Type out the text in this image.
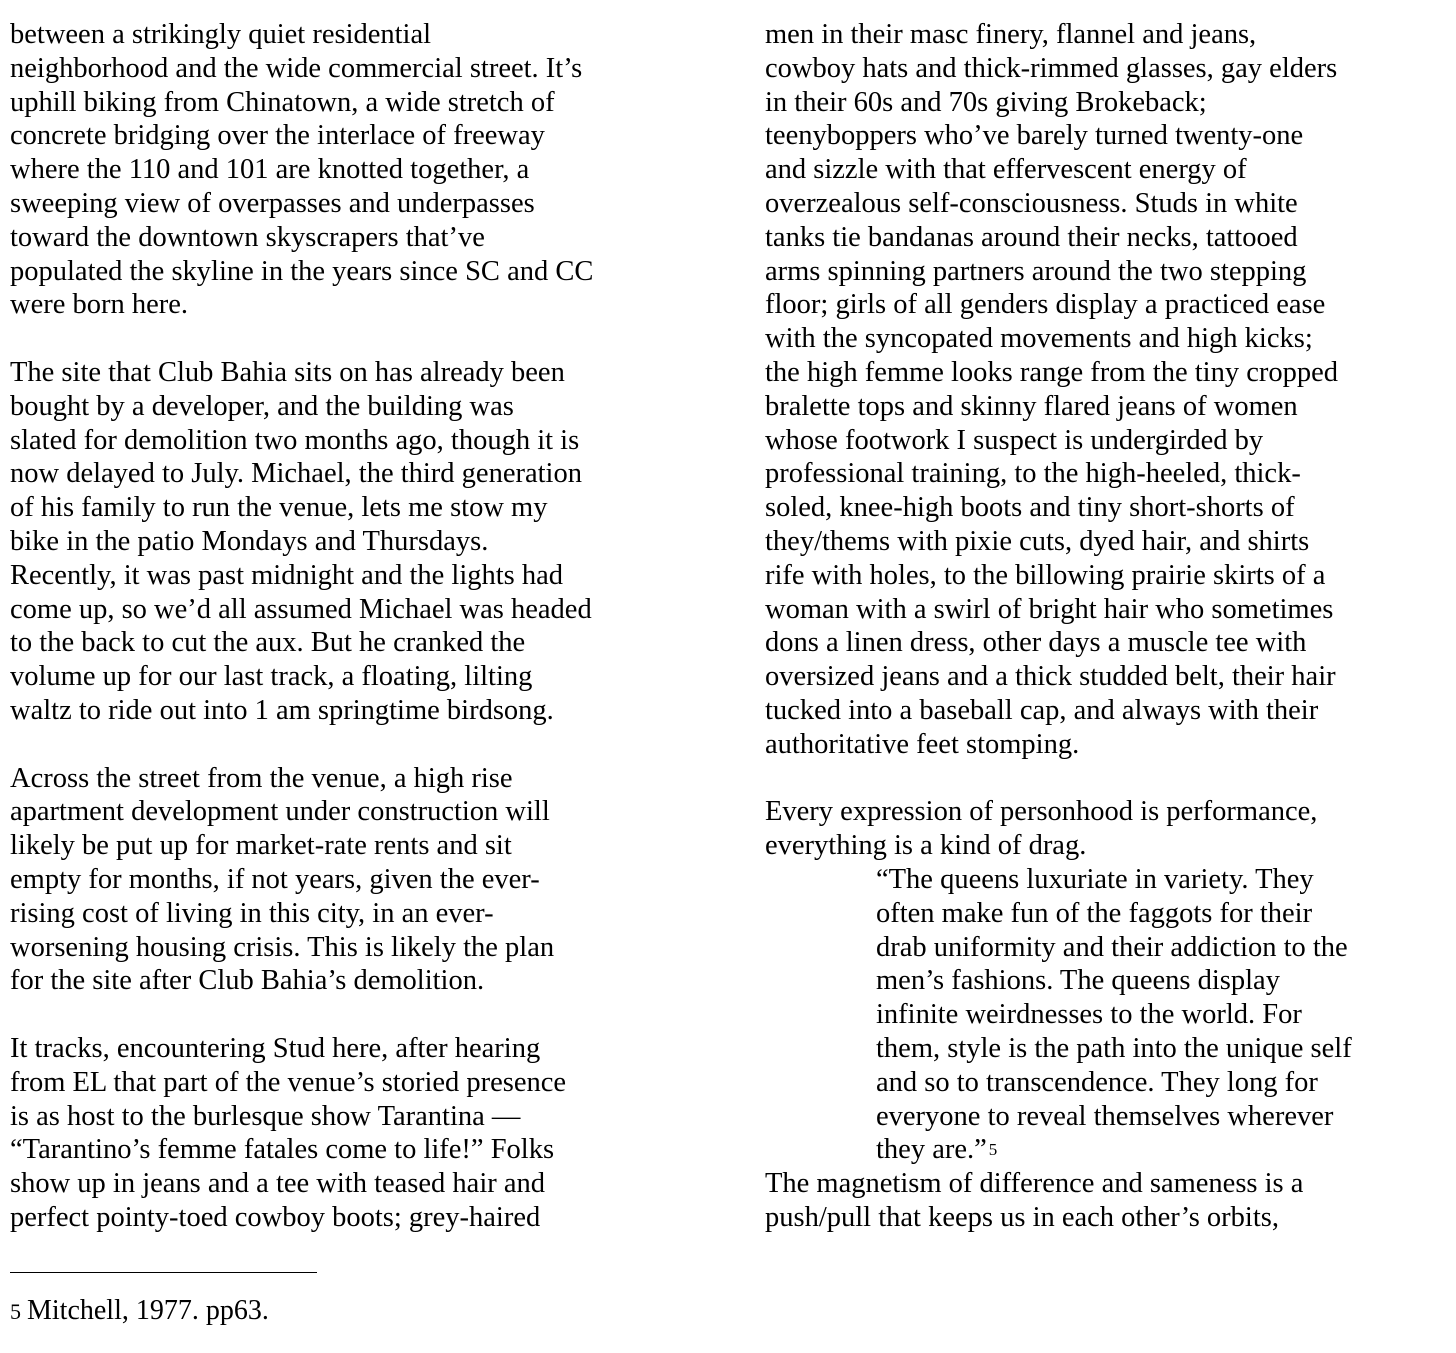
between a strikingly quiet residential
neighborhood and the wide commercial street. It’s
uphill biking from Chinatown, a wide stretch of
concrete bridging over the interlace of freeway
where the 110 and 101 are knotted together, a
sweeping view of overpasses and underpasses
toward the downtown skyscrapers that’ve
populated the skyline in the years since SC and CC
were born here.

The site that Club Bahia sits on has already been
bought by a developer, and the building was
slated for demolition two months ago, though it is
now delayed to July. Michael, the third generation
of his family to run the venue, lets me stow my
bike in the patio Mondays and Thursdays.
Recently, it was past midnight and the lights had
come up, so we’d all assumed Michael was headed
to the back to cut the aux. But he cranked the
volume up for our last track, a floating, lilting
waltz to ride out into 1 am springtime birdsong.

Across the street from the venue, a high rise
apartment development under construction will
likely be put up for market-rate rents and sit
empty for months, if not years, given the ever-
rising cost of living in this city, in an ever-
worsening housing crisis. This is likely the plan
for the site after Club Bahia’s demolition.

It tracks, encountering Stud here, after hearing
from EL that part of the venue’s storied presence
is as host to the burlesque show Tarantina —
“Tarantino’s femme fatales come to life!” Folks
show up in jeans and a tee with teased hair and
perfect pointy-toed cowboy boots; grey-haired

men in their masc finery, flannel and jeans,
cowboy hats and thick-rimmed glasses, gay elders
in their 60s and 70s giving Brokeback;
teenyboppers who’ve barely turned twenty-one
and sizzle with that effervescent energy of
overzealous self-consciousness. Studs in white
tanks tie bandanas around their necks, tattooed
arms spinning partners around the two stepping
floor; girls of all genders display a practiced ease
with the syncopated movements and high kicks;
the high femme looks range from the tiny cropped
bralette tops and skinny flared jeans of women
whose footwork I suspect is undergirded by
professional training, to the high-heeled, thick-
soled, knee-high boots and tiny short-shorts of
they/thems with pixie cuts, dyed hair, and shirts
rife with holes, to the billowing prairie skirts of a
woman with a swirl of bright hair who sometimes
dons a linen dress, other days a muscle tee with
oversized jeans and a thick studded belt, their hair
tucked into a baseball cap, and always with their
authoritative feet stomping.

Every expression of personhood is performance,
everything is a kind of drag.

“The queens luxuriate in variety. They
often make fun of the faggots for their
drab uniformity and their addiction to the
men’s fashions. The queens display
infinite weirdnesses to the world. For
them, style is the path into the unique self
and so to transcendence. They long for
everyone to reveal themselves wherever
they are.” 5

The magnetism of difference and sameness is a
push/pull that keeps us in each other’s orbits,

5 Mitchell, 1977. pp63.
